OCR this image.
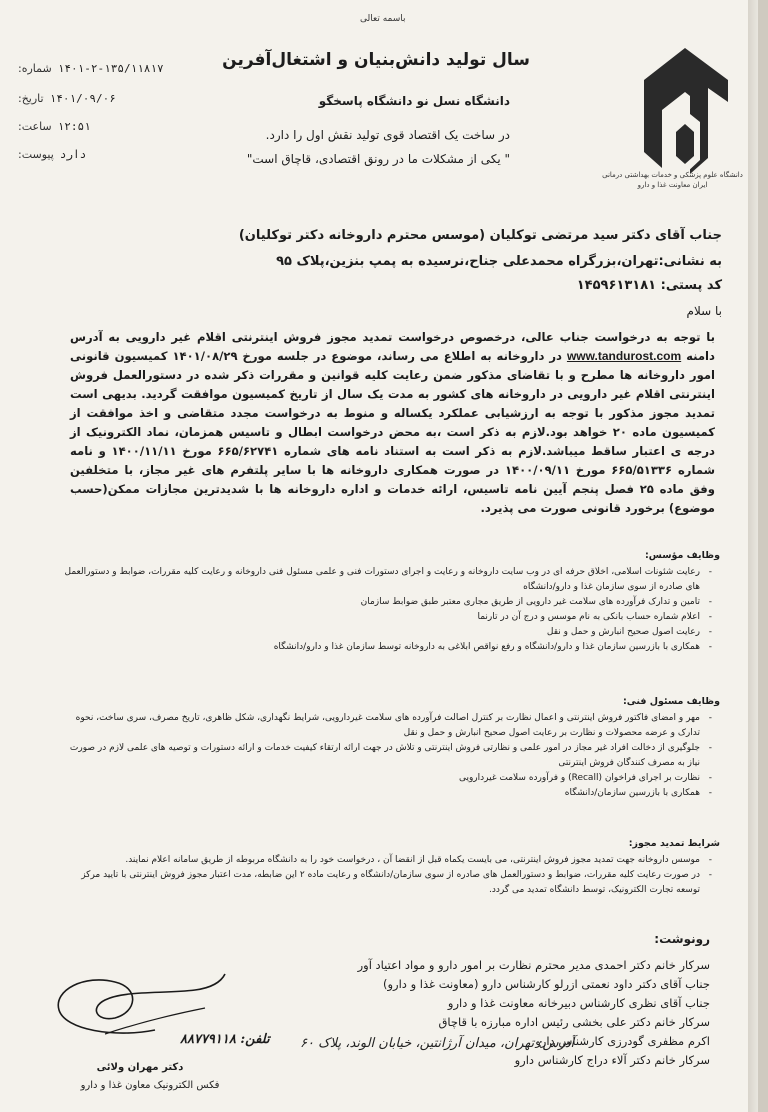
باسمه تعالی
سال تولید دانش‌بنیان و اشتغال‌آفرین
دانشگاه نسل نو دانشگاه پاسخگو
در ساخت یک اقتصاد قوی تولید نقش اول را دارد.
" یکی از مشکلات ما در رونق اقتصادی، قاچاق است"
شماره: ۱۴۰۱-۲-۱۳۵/۱۱۸۱۷
تاریخ: ۱۴۰۱/۰۹/۰۶
ساعت: ۱۲:۵۱
پیوست: دارد
دانشگاه علوم پزشکی و خدمات بهداشتی درمانی ایران معاونت غذا و دارو
جناب آقای دکتر سید مرتضی توکلیان (موسس محترم داروخانه دکتر توکلیان)
به نشانی:تهران،بزرگراه محمدعلی جناح،نرسیده به پمپ بنزین،پلاک ۹۵
کد پستی: ۱۴۵۹۶۱۳۱۸۱
با سلام

با توجه به درخواست جناب عالی، درخصوص درخواست تمدید مجوز فروش اینترنتی اقلام غیر دارویی به آدرس دامنه www.tandurost.com در داروخانه به اطلاع می رساند، موضوع در جلسه مورخ ۱۴۰۱/۰۸/۲۹ کمیسیون قانونی امور داروخانه ها مطرح و با تقاضای مذکور ضمن رعایت کلیه قوانین و مقررات ذکر شده در دستورالعمل فروش اینترنتی اقلام غیر دارویی در داروخانه های کشور به مدت یک سال از تاریخ کمیسیون موافقت گردید. بدیهی است تمدید مجوز مذکور با توجه به ارزشیابی عملکرد یکساله و منوط به درخواست مجدد متقاضی و اخذ موافقت از کمیسیون ماده ۲۰ خواهد بود.لازم به ذکر است ،به محض درخواست ابطال و تاسیس همزمان، نماد الکترونیک از درجه ی اعتبار ساقط میباشد.لازم به ذکر است به استناد نامه های شماره ۶۶۵/۶۲۷۴۱ مورخ ۱۴۰۰/۱۱/۱۱ و نامه شماره ۶۶۵/۵۱۳۳۶ مورخ ۱۴۰۰/۰۹/۱۱ در صورت همکاری داروخانه ها با سایر پلتفرم های غیر مجاز، با متخلفین وفق ماده ۲۵ فصل پنجم آیین نامه تاسیس، ارائه خدمات و اداره داروخانه ها با شدیدترین مجازات ممکن(حسب موضوع) برخورد قانونی صورت می پذیرد.

وظایف مؤسس:
- رعایت شئونات اسلامی، اخلاق حرفه ای در وب سایت داروخانه و رعایت و اجرای دستورات فنی و علمی مسئول فنی داروخانه و رعایت کلیه مقررات، ضوابط و دستورالعمل های صادره از سوی سازمان غذا و دارو/دانشگاه
- تامین و تدارک فرآورده های سلامت غیر دارویی از طریق مجاری معتبر طبق ضوابط سازمان
- اعلام شماره حساب بانکی به نام موسس و درج آن در تارنما
- رعایت اصول صحیح انبارش و حمل و نقل
- همکاری با بازرسین سازمان غذا و دارو/دانشگاه و رفع نواقص ابلاغی به داروخانه توسط سازمان غذا و دارو/دانشگاه
وظایف مسئول فنی:
- مهر و امضای فاکتور فروش اینترنتی و اعمال نظارت بر کنترل اصالت فرآورده های سلامت غیردارویی، شرایط نگهداری، شکل ظاهری، تاریخ مصرف، سری ساخت، نحوه تدارک و عرضه محصولات و نظارت بر رعایت اصول صحیح انبارش و حمل و نقل
- جلوگیری از دخالت افراد غیر مجاز در امور علمی و نظارتی فروش اینترنتی و تلاش در جهت ارائه ارتقاء کیفیت خدمات و ارائه دستورات و توصیه های علمی لازم در صورت نیاز به مصرف کنندگان فروش اینترنتی
- نظارت بر اجرای فراخوان (Recall) و فرآورده سلامت غیردارویی
- همکاری با بازرسین سازمان/دانشگاه
شرایط تمدید مجوز:
- موسس داروخانه جهت تمدید مجوز فروش اینترنتی، می بایست یکماه قبل از انقضا آن ، درخواست خود را به دانشگاه مربوطه از طریق سامانه اعلام نمایند.
- در صورت رعایت کلیه مقررات، ضوابط و دستورالعمل های صادره از سوی سازمان/دانشگاه و رعایت ماده ۲ این ضابطه، مدت اعتبار مجوز فروش اینترنتی با تایید مرکز توسعه تجارت الکترونیک، توسط دانشگاه تمدید می گردد.
رونوشت:
سرکار خانم دکتر احمدی مدیر محترم نظارت بر امور دارو و مواد اعتیاد آور
جناب آقای دکتر داود نعمتی ازرلو کارشناس دارو (معاونت غذا و دارو)
جناب آقای نظری کارشناس دبیرخانه معاونت غذا و دارو
سرکار خانم دکتر علی بخشی رئیس اداره مبارزه با قاچاق
اکرم مظفری گودرزی کارشناس دارو
سرکار خانم دکتر آلاء دراج کارشناس دارو
آدرس: تهران، میدان آرژانتین، خیابان الوند، پلاک ۶۰
تلفن: ۸۸۷۷۹۱۱۸
دکتر مهران ولائی
فکس الکترونیک معاون غذا و دارو
